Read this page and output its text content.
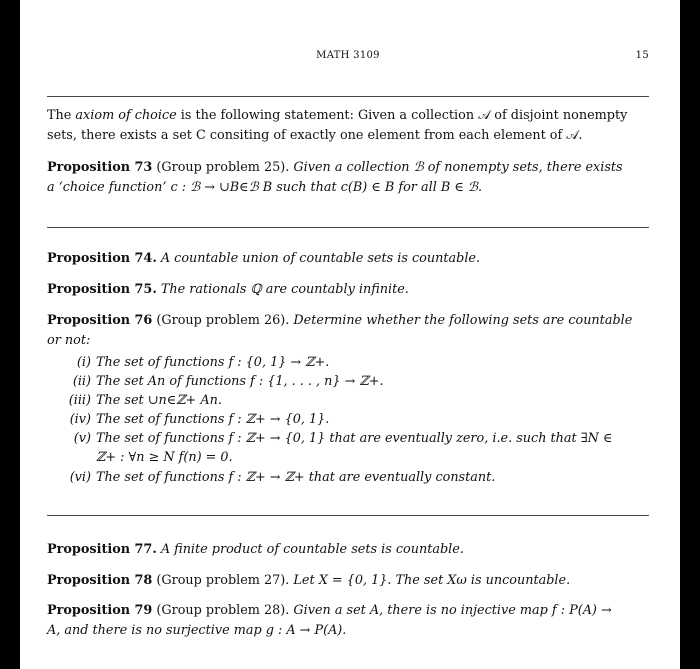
MATH 3109	15
The axiom of choice is the following statement: Given a collection 𝒜 of disjoint nonempty
sets, there exists a set C consiting of exactly one element from each element of 𝒜.
Proposition 73 (Group problem 25). Given a collection ℬ of nonempty sets, there exists
a ‘choice function’ c : ℬ → ∪B∈ℬ B such that c(B) ∈ B for all B ∈ ℬ.
Proposition 74. A countable union of countable sets is countable.
Proposition 75. The rationals ℚ are countably infinite.
Proposition 76 (Group problem 26). Determine whether the following sets are countable
or not:
(i) The set of functions f : {0, 1} → ℤ+.
(ii) The set An of functions f : {1, . . . , n} → ℤ+.
(iii) The set ∪n∈ℤ+ An.
(iv) The set of functions f : ℤ+ → {0, 1}.
(v) The set of functions f : ℤ+ → {0, 1} that are eventually zero, i.e. such that ∃N ∈
ℤ+ : ∀n ≥ N f(n) = 0.
(vi) The set of functions f : ℤ+ → ℤ+ that are eventually constant.
Proposition 77. A finite product of countable sets is countable.
Proposition 78 (Group problem 27). Let X = {0, 1}. The set Xω is uncountable.
Proposition 79 (Group problem 28). Given a set A, there is no injective map f : P(A) →
A, and there is no surjective map g : A → P(A).
